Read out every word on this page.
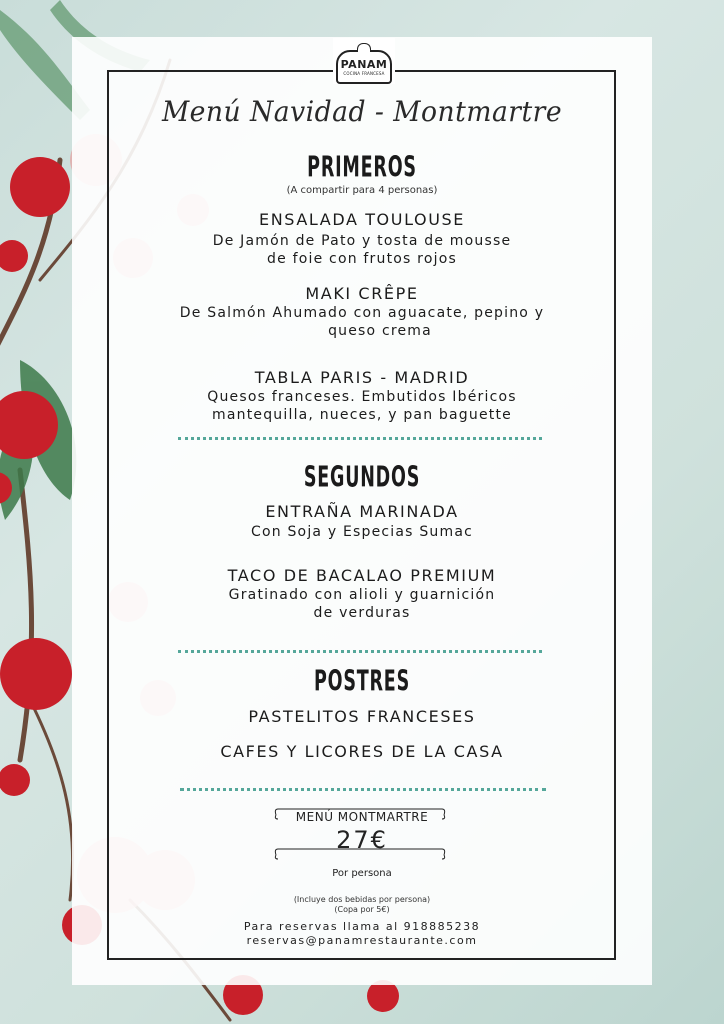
PANAM
COCINA FRANCESA
Menú Navidad - Montmartre
PRIMEROS
(A compartir para 4 personas)
ENSALADA TOULOUSE
De Jamón de Pato y tosta de mousse
de foie con frutos rojos
MAKI CRÊPE
De Salmón Ahumado con aguacate, pepino y
queso crema
TABLA PARIS - MADRID
Quesos franceses. Embutidos Ibéricos
mantequilla, nueces, y pan baguette
SEGUNDOS
ENTRAÑA MARINADA
Con Soja y Especias Sumac
TACO DE BACALAO PREMIUM
Gratinado con alioli y guarnición
de verduras
POSTRES
PASTELITOS FRANCESES
CAFES Y LICORES DE LA CASA
MENÚ MONTMARTRE
27€
Por persona
(Incluye dos bebidas por persona)
(Copa por 5€)
Para reservas llama al 918885238
reservas@panamrestaurante.com
